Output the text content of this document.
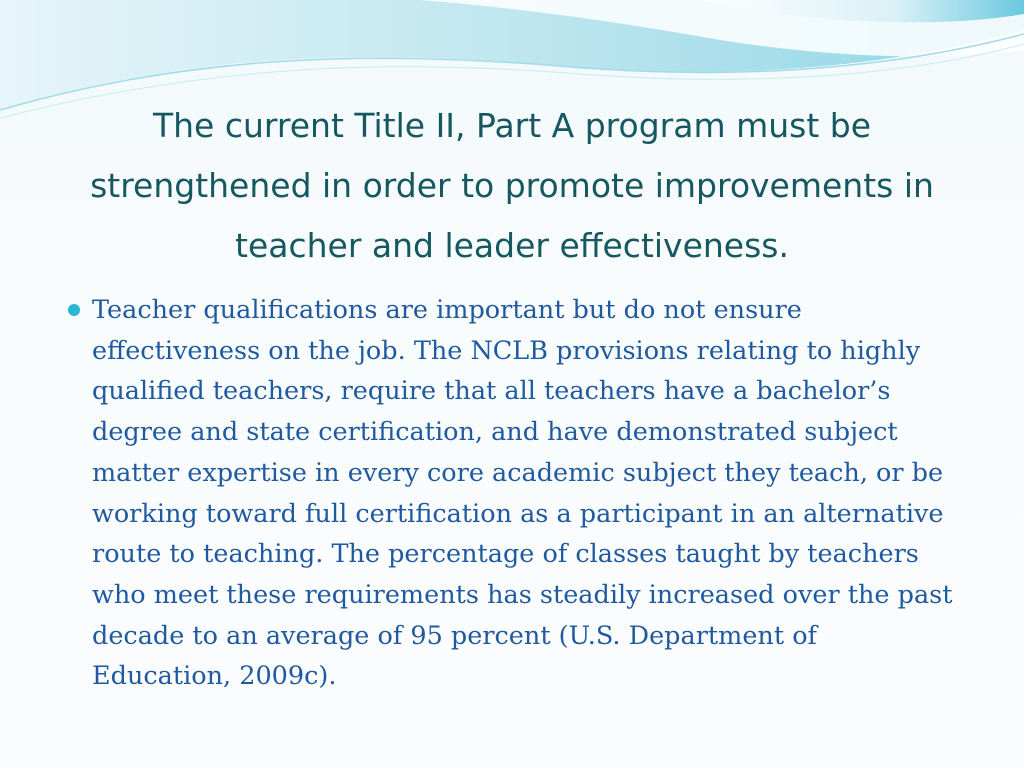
The current Title II, Part A program must be strengthened in order to promote improvements in teacher and leader effectiveness.

Teacher qualifications are important but do not ensure effectiveness on the job. The NCLB provisions relating to highly qualified teachers, require that all teachers have a bachelor’s degree and state certification, and have demonstrated subject matter expertise in every core academic subject they teach, or be working toward full certification as a participant in an alternative route to teaching. The percentage of classes taught by teachers who meet these requirements has steadily increased over the past decade to an average of 95 percent (U.S. Department of Education, 2009c).
